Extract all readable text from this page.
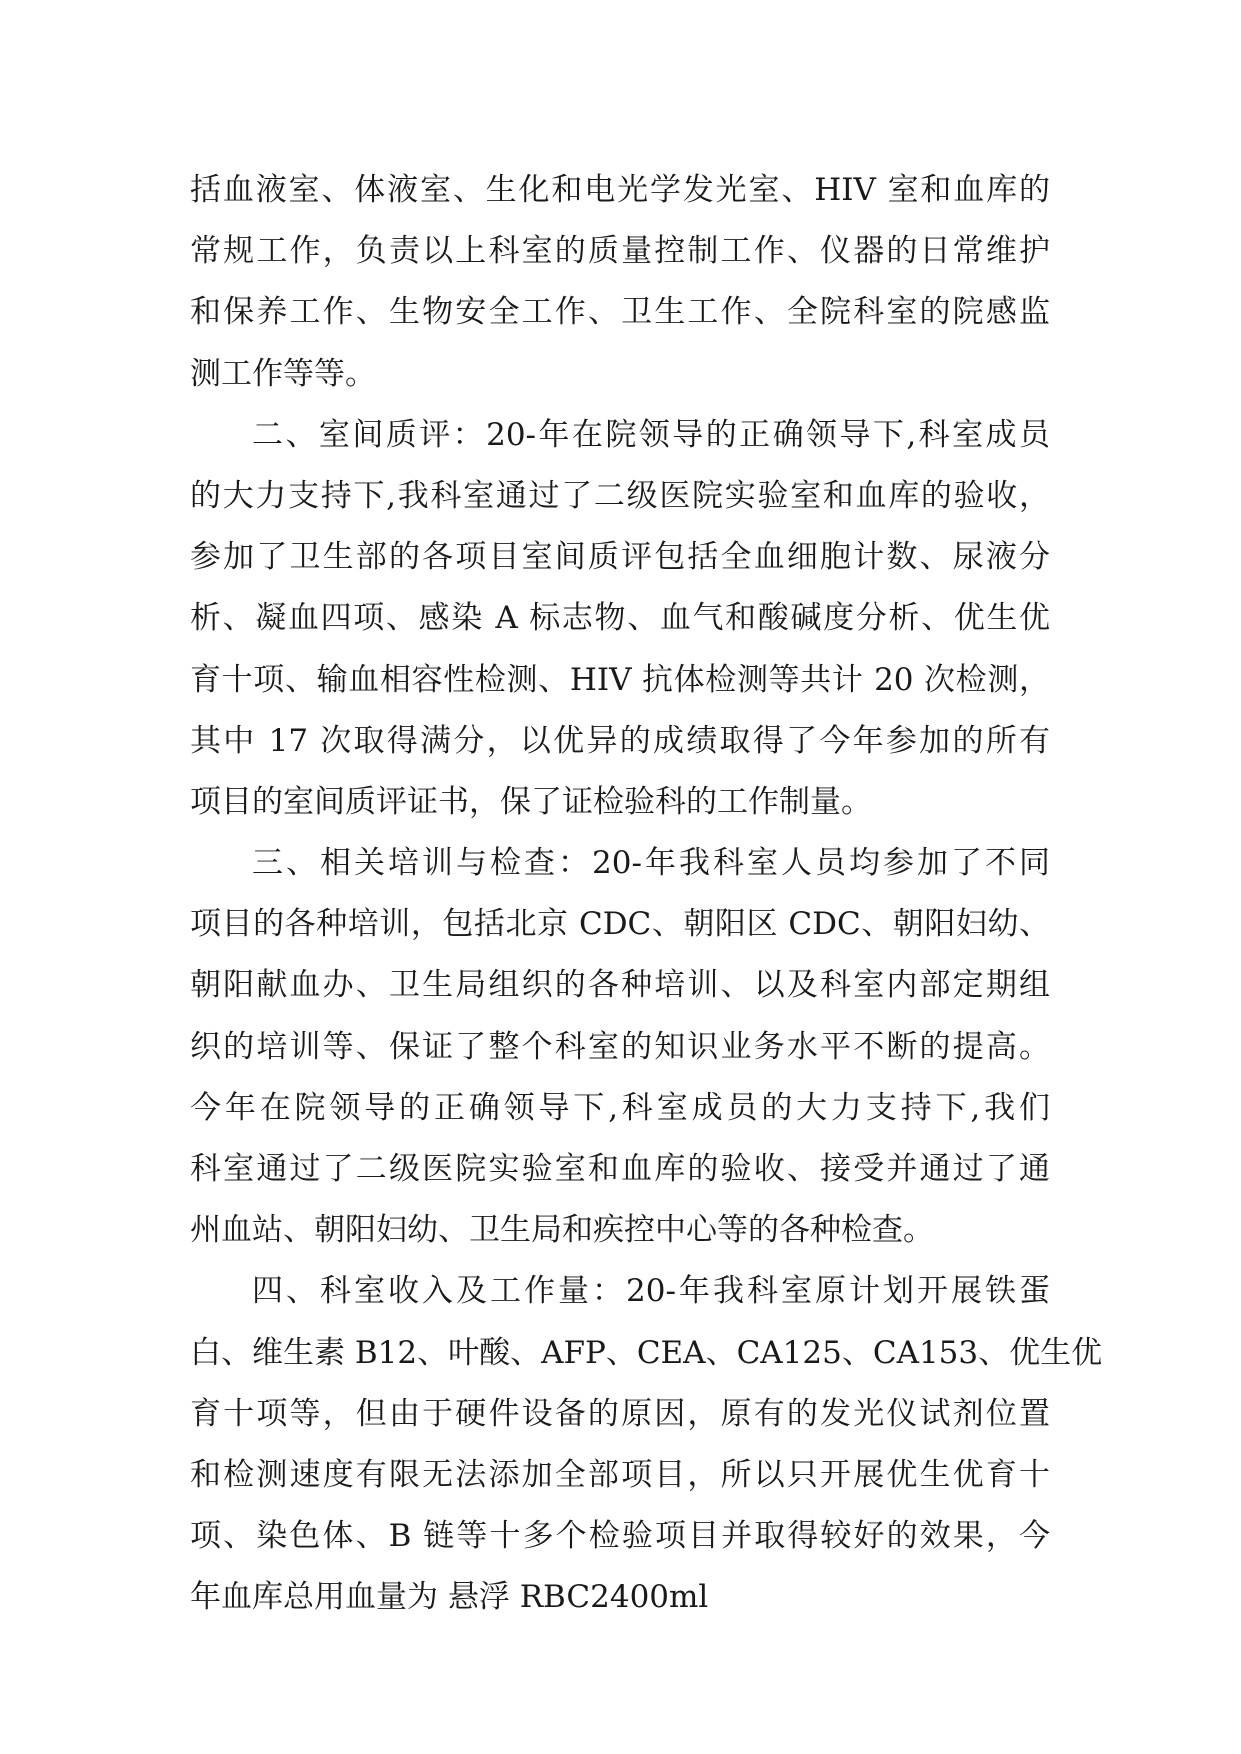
括血液室、体液室、生化和电光学发光室、HIV 室和血库的
常规工作，负责以上科室的质量控制工作、仪器的日常维护
和保养工作、生物安全工作、卫生工作、全院科室的院感监
测工作等等。
二、室间质评：20-年在院领导的正确领导下,科室成员
的大力支持下,我科室通过了二级医院实验室和血库的验收，
参加了卫生部的各项目室间质评包括全血细胞计数、尿液分
析、凝血四项、感染 A 标志物、血气和酸碱度分析、优生优
育十项、输血相容性检测、HIV 抗体检测等共计 20 次检测，
其中 17 次取得满分，以优异的成绩取得了今年参加的所有
项目的室间质评证书，保了证检验科的工作制量。
三、相关培训与检查：20-年我科室人员均参加了不同
项目的各种培训，包括北京 CDC、朝阳区 CDC、朝阳妇幼、
朝阳献血办、卫生局组织的各种培训、以及科室内部定期组
织的培训等、保证了整个科室的知识业务水平不断的提高。
今年在院领导的正确领导下,科室成员的大力支持下,我们
科室通过了二级医院实验室和血库的验收、接受并通过了通
州血站、朝阳妇幼、卫生局和疾控中心等的各种检查。
四、科室收入及工作量：20-年我科室原计划开展铁蛋
白、维生素 B12、叶酸、AFP、CEA、CA125、CA153、优生优
育十项等，但由于硬件设备的原因，原有的发光仪试剂位置
和检测速度有限无法添加全部项目，所以只开展优生优育十
项、染色体、B 链等十多个检验项目并取得较好的效果，今
年血库总用血量为 悬浮 RBC2400ml
